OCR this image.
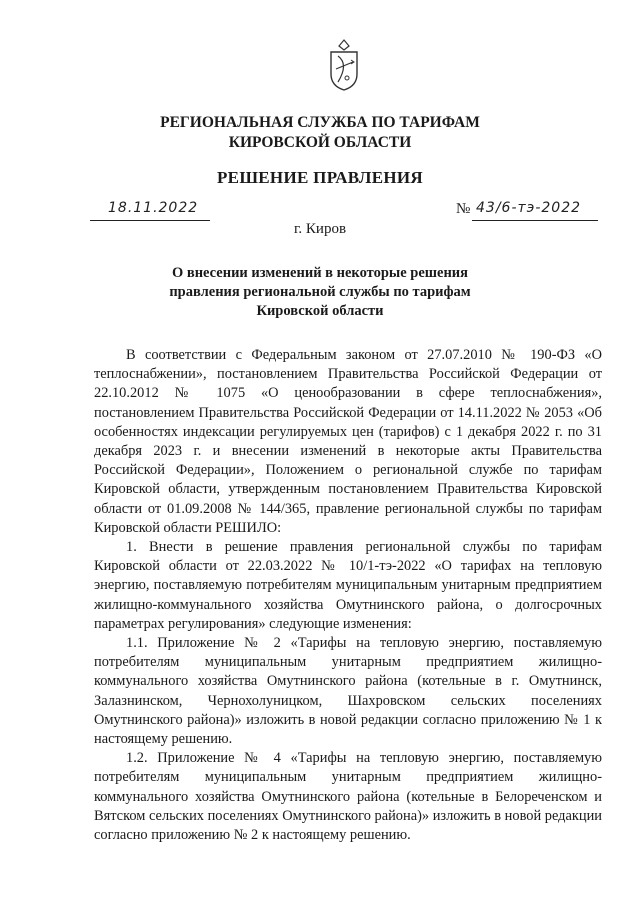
РЕГИОНАЛЬНАЯ СЛУЖБА ПО ТАРИФАМ
КИРОВСКОЙ ОБЛАСТИ
РЕШЕНИЕ ПРАВЛЕНИЯ
18.11.2022	№ 43/6-тэ-2022
г. Киров
О внесении изменений в некоторые решения
правления региональной службы по тарифам
Кировской области

В соответствии с Федеральным законом от 27.07.2010 № 190-ФЗ «О теплоснабжении», постановлением Правительства Российской Федерации от 22.10.2012 № 1075 «О ценообразовании в сфере теплоснабжения», постановлением Правительства Российской Федерации от 14.11.2022 № 2053 «Об особенностях индексации регулируемых цен (тарифов) с 1 декабря 2022 г. по 31 декабря 2023 г. и внесении изменений в некоторые акты Правительства Российской Федерации», Положением о региональной службе по тарифам Кировской области, утвержденным постановлением Правительства Кировской области от 01.09.2008 № 144/365, правление региональной службы по тарифам Кировской области РЕШИЛО:

1. Внести в решение правления региональной службы по тарифам Кировской области от 22.03.2022 № 10/1-тэ-2022 «О тарифах на тепловую энергию, поставляемую потребителям муниципальным унитарным предприятием жилищно-коммунального хозяйства Омутнинского района, о долгосрочных параметрах регулирования» следующие изменения:

1.1. Приложение № 2 «Тарифы на тепловую энергию, поставляемую потребителям муниципальным унитарным предприятием жилищно-коммунального хозяйства Омутнинского района (котельные в г. Омутнинск, Залазнинском, Чернохолуницком, Шахровском сельских поселениях Омутнинского района)» изложить в новой редакции согласно приложению № 1 к настоящему решению.

1.2. Приложение № 4 «Тарифы на тепловую энергию, поставляемую потребителям муниципальным унитарным предприятием жилищно-коммунального хозяйства Омутнинского района (котельные в Белореченском и Вятском сельских поселениях Омутнинского района)» изложить в новой редакции согласно приложению № 2 к настоящему решению.
